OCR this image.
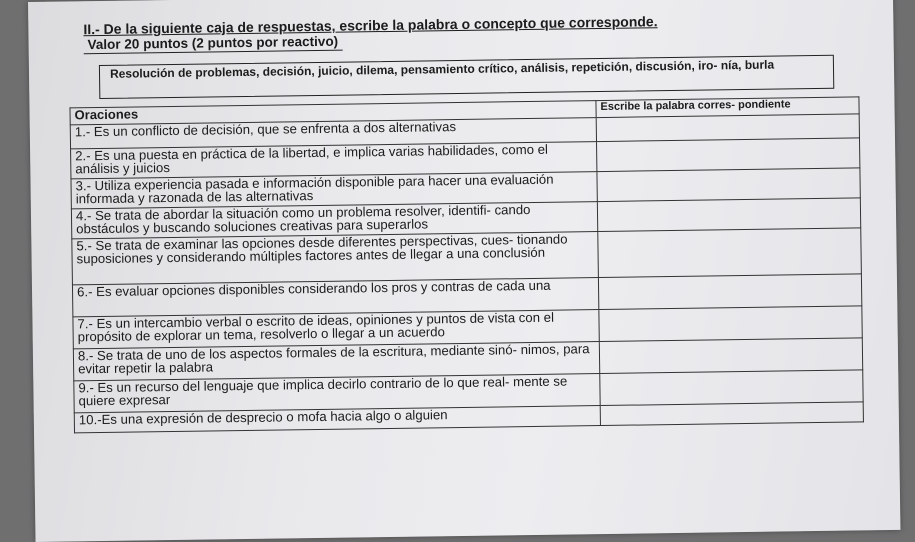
II.- De la siguiente caja de respuestas, escribe la palabra o concepto que corresponde.

Valor 20 puntos (2 puntos por reactivo)

Resolución de problemas, decisión, juicio, dilema, pensamiento crítico, análisis, repetición, discusión, iro- nía, burla
Oraciones	Escribe la palabra corres- pondiente
1.- Es un conflicto de decisión, que se enfrenta a dos alternativas	
2.- Es una puesta en práctica de la libertad, e implica varias habilidades, como el análisis y juicios	
3.- Utiliza experiencia pasada e información disponible para hacer una evaluación informada y razonada de las alternativas	
4.- Se trata de abordar la situación como un problema resolver, identifi- cando obstáculos y buscando soluciones creativas para superarlos	
5.- Se trata de examinar las opciones desde diferentes perspectivas, cues- tionando suposiciones y considerando múltiples factores antes de llegar a una conclusión	
6.- Es evaluar opciones disponibles considerando los pros y contras de cada una	
7.- Es un intercambio verbal o escrito de ideas, opiniones y puntos de vista con el propósito de explorar un tema, resolverlo o llegar a un acuerdo	
8.- Se trata de uno de los aspectos formales de la escritura, mediante sinó- nimos, para evitar repetir la palabra	
9.- Es un recurso del lenguaje que implica decirlo contrario de lo que real- mente se quiere expresar	
10.-Es una expresión de desprecio o mofa hacia algo o alguien	
